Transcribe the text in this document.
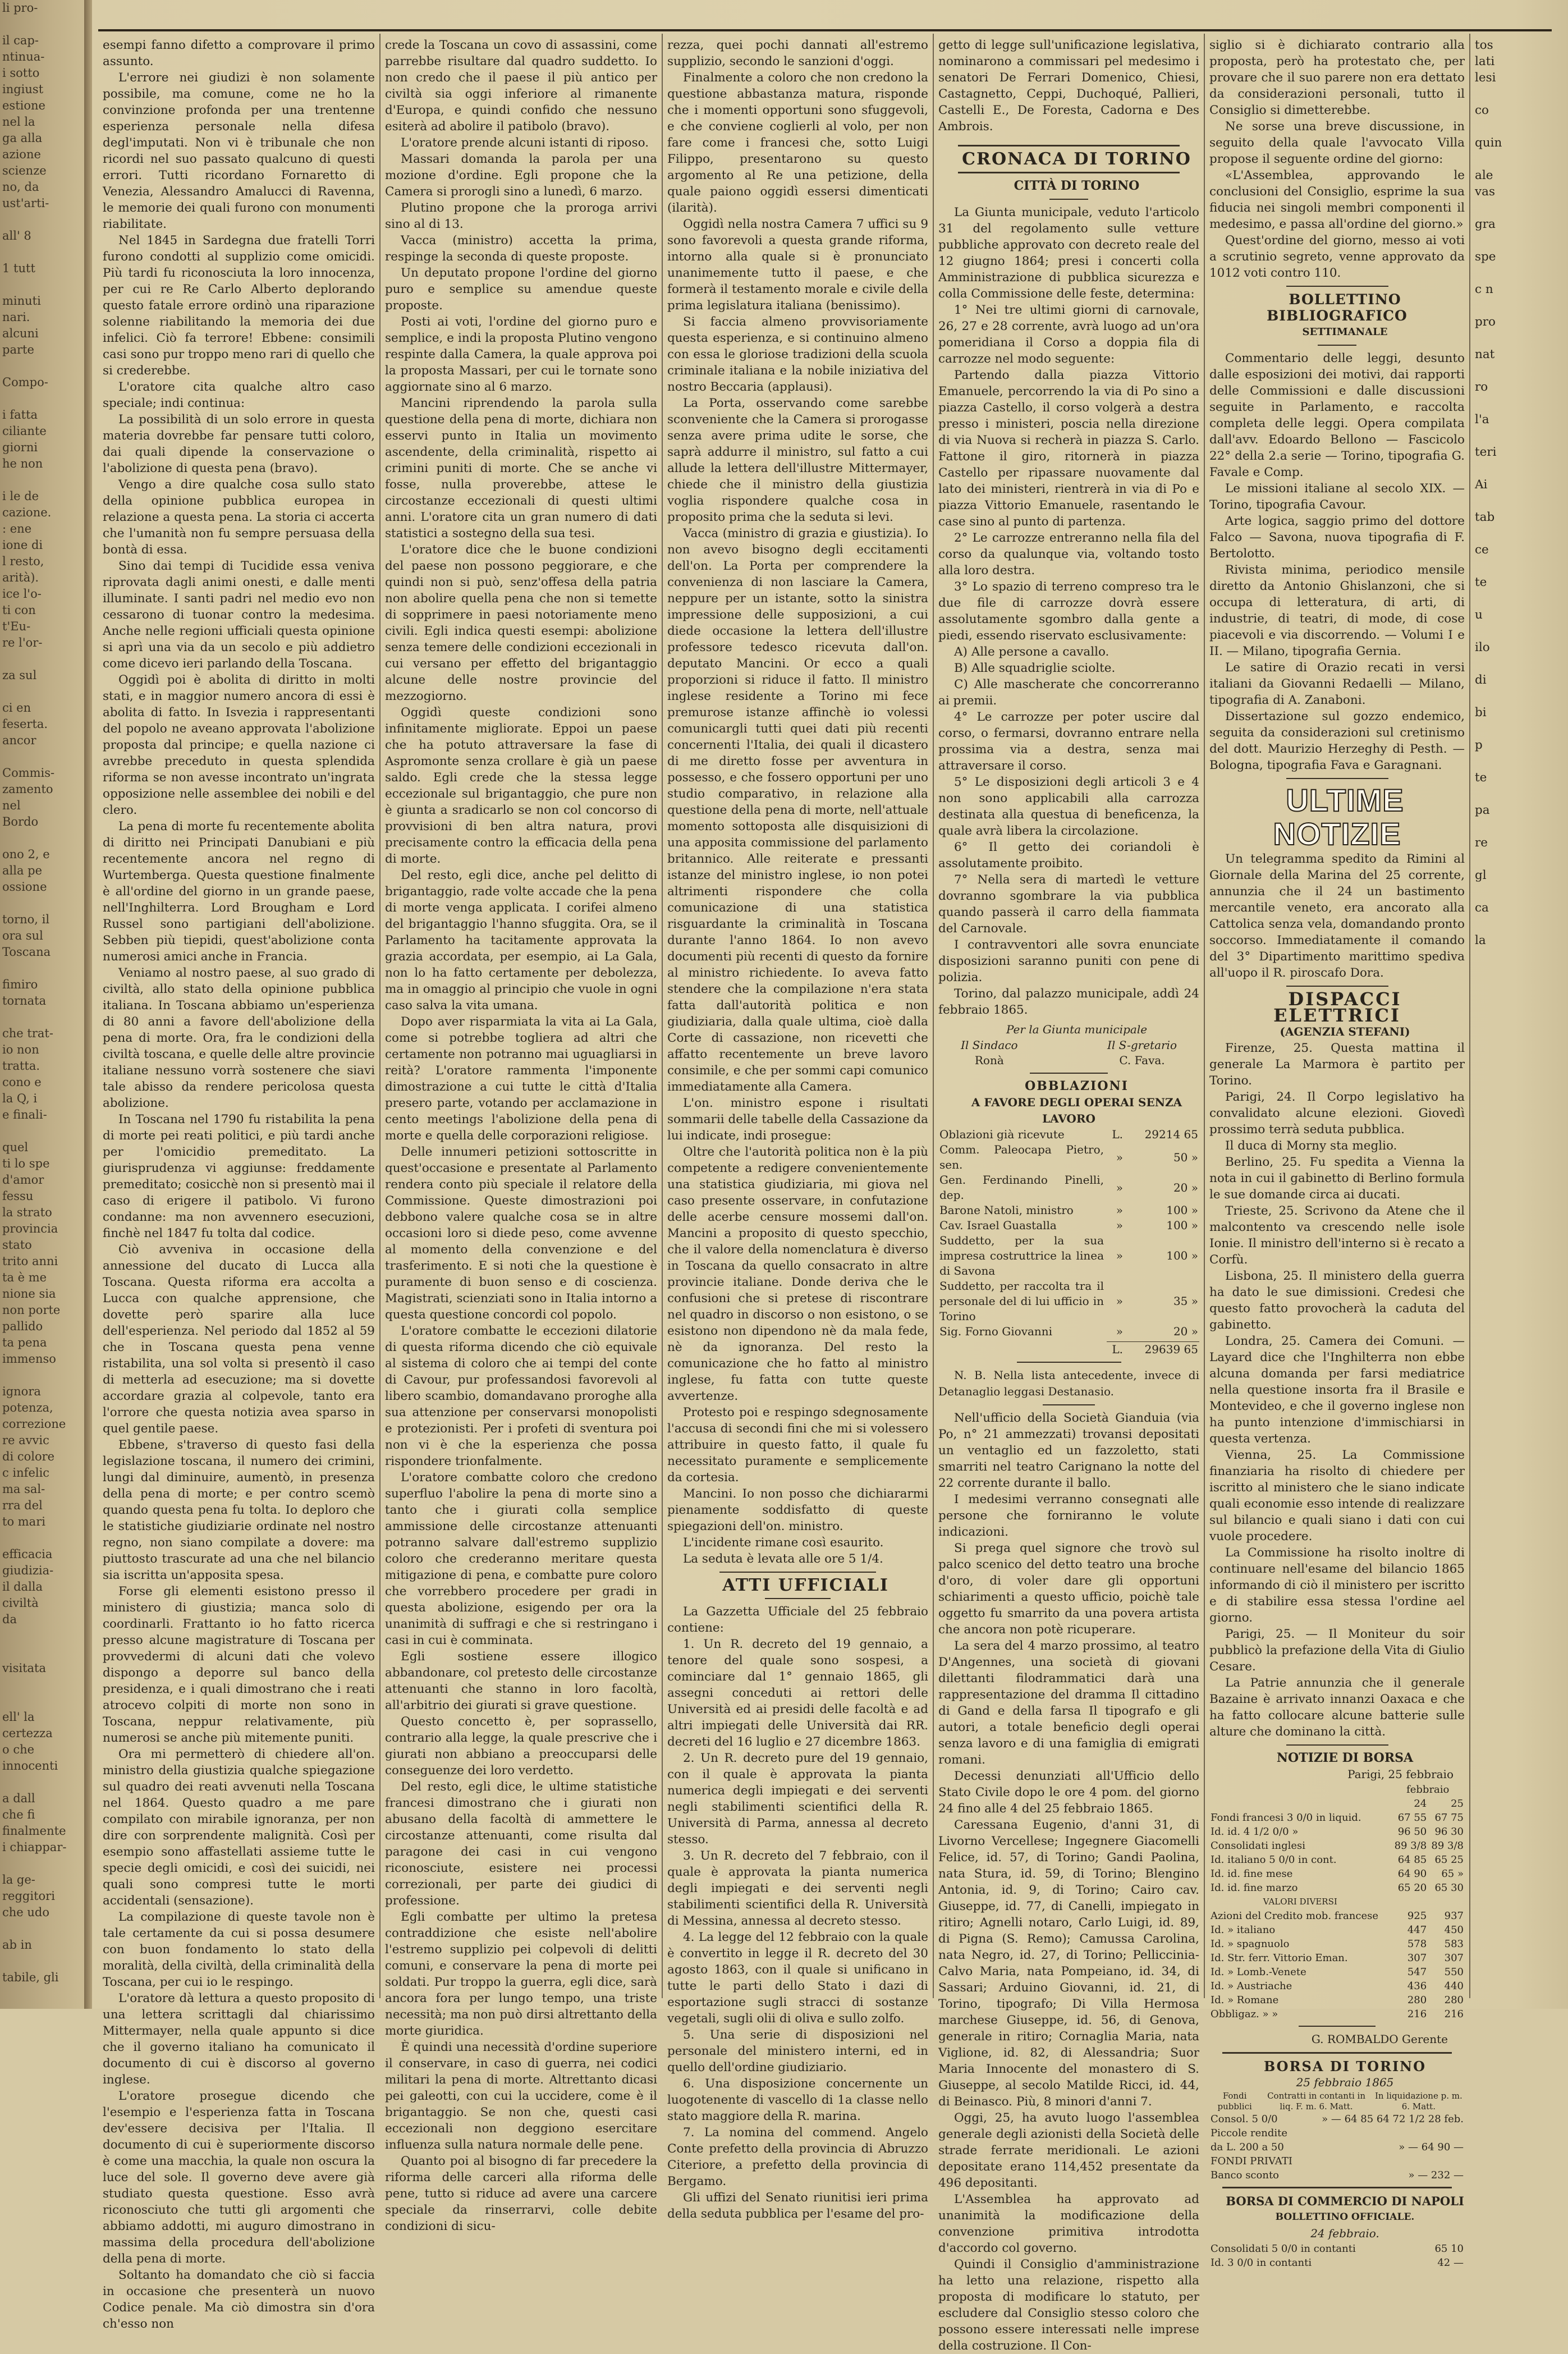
li pro-

il cap-

ntinua-

i sotto

ingiust

estione

nel la

ga alla

azione

scienze

no, da

ust'arti-

all' 8

1 tutt

minuti

nari.

alcuni

parte

Compo-

i fatta

ciliante

giorni

he non

i le de

cazione.

: ene

ione di

l resto,

arità).

ice l'o-

ti con

t'Eu-

re l'or-

za sul

ci en

feserta.

ancor

Commis-

zamento

nel

Bordo

ono 2, e

alla pe

ossione

torno, il

ora sul

Toscana

fimiro

tornata

che trat-

io non

tratta.

cono e

la Q, i

e finali-

quel

ti lo spe

d'amor

fessu

la strato

provincia

stato

trito anni

ta è me

nione sia

non porte

pallido

ta pena

immenso

ignora

potenza,

correzione

re avvic

di colore

c infelic

ma sal-

rra del

to mari

efficacia

giudizia-

il dalla

civiltà

da

visitata

ell' la

certezza

o che

innocenti

a dall

che fi

finalmente

i chiappar-

la ge-

reggitori

che udo

ab in

tabile, gli

esempi fanno difetto a comprovare il primo assunto.

L'errore nei giudizi è non solamente possibile, ma comune, come ne ho la convinzione profonda per una trentenne esperienza personale nella difesa degl'imputati. Non vi è tribunale che non ricordi nel suo passato qualcuno di questi errori. Tutti ricordano Fornaretto di Venezia, Alessandro Amalucci di Ravenna, le memorie dei quali furono con monumenti riabilitate.

Nel 1845 in Sardegna due fratelli Torri furono condotti al supplizio come omicidi. Più tardi fu riconosciuta la loro innocenza, per cui re Re Carlo Alberto deplorando questo fatale errore ordinò una riparazione solenne riabilitando la memoria dei due infelici. Ciò fa terrore! Ebbene: consimili casi sono pur troppo meno rari di quello che si crederebbe.

L'oratore cita qualche altro caso speciale; indi continua:

La possibilità di un solo errore in questa materia dovrebbe far pensare tutti coloro, dai quali dipende la conservazione o l'abolizione di questa pena (bravo).

Vengo a dire qualche cosa sullo stato della opinione pubblica europea in relazione a questa pena. La storia ci accerta che l'umanità non fu sempre persuasa della bontà di essa.

Sino dai tempi di Tucidide essa veniva riprovata dagli animi onesti, e dalle menti illuminate. I santi padri nel medio evo non cessarono di tuonar contro la medesima. Anche nelle regioni ufficiali questa opinione si aprì una via da un secolo e più addietro come dicevo ieri parlando della Toscana.

Oggidì poi è abolita di diritto in molti stati, e in maggior numero ancora di essi è abolita di fatto. In Isvezia i rappresentanti del popolo ne aveano approvata l'abolizione proposta dal principe; e quella nazione ci avrebbe preceduto in questa splendida riforma se non avesse incontrato un'ingrata opposizione nelle assemblee dei nobili e del clero.

La pena di morte fu recentemente abolita di diritto nei Principati Danubiani e più recentemente ancora nel regno di Wurtemberga. Questa questione finalmente è all'ordine del giorno in un grande paese, nell'Inghilterra. Lord Brougham e Lord Russel sono partigiani dell'abolizione. Sebben più tiepidi, quest'abolizione conta numerosi amici anche in Francia.

Veniamo al nostro paese, al suo grado di civiltà, allo stato della opinione pubblica italiana. In Toscana abbiamo un'esperienza di 80 anni a favore dell'abolizione della pena di morte. Ora, fra le condizioni della civiltà toscana, e quelle delle altre provincie italiane nessuno vorrà sostenere che siavi tale abisso da rendere pericolosa questa abolizione.

In Toscana nel 1790 fu ristabilita la pena di morte pei reati politici, e più tardi anche per l'omicidio premeditato. La giurisprudenza vi aggiunse: freddamente premeditato; cosicchè non si presentò mai il caso di erigere il patibolo. Vi furono condanne: ma non avvennero esecuzioni, finchè nel 1847 fu tolta dal codice.

Ciò avveniva in occasione della annessione del ducato di Lucca alla Toscana. Questa riforma era accolta a Lucca con qualche apprensione, che dovette però sparire alla luce dell'esperienza. Nel periodo dal 1852 al 59 che in Toscana questa pena venne ristabilita, una sol volta si presentò il caso di metterla ad esecuzione; ma si dovette accordare grazia al colpevole, tanto era l'orrore che questa notizia avea sparso in quel gentile paese.

Ebbene, s'traverso di questo fasi della legislazione toscana, il numero dei crimini, lungi dal diminuire, aumentò, in presenza della pena di morte; e per contro scemò quando questa pena fu tolta. Io deploro che le statistiche giudiziarie ordinate nel nostro regno, non siano compilate a dovere: ma piuttosto trascurate ad una che nel bilancio sia iscritta un'apposita spesa.

Forse gli elementi esistono presso il ministero di giustizia; manca solo di coordinarli. Frattanto io ho fatto ricerca presso alcune magistrature di Toscana per provvedermi di alcuni dati che volevo dispongo a deporre sul banco della presidenza, e i quali dimostrano che i reati atrocevo colpiti di morte non sono in Toscana, neppur relativamente, più numerosi se anche più mitemente puniti.

Ora mi permetterò di chiedere all'on. ministro della giustizia qualche spiegazione sul quadro dei reati avvenuti nella Toscana nel 1864. Questo quadro a me pare compilato con mirabile ignoranza, per non dire con sorprendente malignità. Così per esempio sono affastellati assieme tutte le specie degli omicidi, e così dei suicidi, nei quali sono compresi tutte le morti accidentali (sensazione).

La compilazione di queste tavole non è tale certamente da cui si possa desumere con buon fondamento lo stato della moralità, della civiltà, della criminalità della Toscana, per cui io le respingo.

L'oratore dà lettura a questo proposito di una lettera scrittagli dal chiarissimo Mittermayer, nella quale appunto si dice che il governo italiano ha comunicato il documento di cui è discorso al governo inglese.

L'oratore prosegue dicendo che l'esempio e l'esperienza fatta in Toscana dev'essere decisiva per l'Italia. Il documento di cui è superiormente discorso è come una macchia, la quale non oscura la luce del sole. Il governo deve avere già studiato questa questione. Esso avrà riconosciuto che tutti gli argomenti che abbiamo addotti, mi auguro dimostrano in massima della procedura dell'abolizione della pena di morte.

Soltanto ha domandato che ciò si faccia in occasione che presenterà un nuovo Codice penale. Ma ciò dimostra sin d'ora ch'esso non

crede la Toscana un covo di assassini, come parrebbe risultare dal quadro suddetto. Io non credo che il paese il più antico per civiltà sia oggi inferiore al rimanente d'Europa, e quindi confido che nessuno esiterà ad abolire il patibolo (bravo).

L'oratore prende alcuni istanti di riposo.

Massari domanda la parola per una mozione d'ordine. Egli propone che la Camera si prorogli sino a lunedì, 6 marzo.

Plutino propone che la proroga arrivi sino al di 13.

Vacca (ministro) accetta la prima, respinge la seconda di queste proposte.

Un deputato propone l'ordine del giorno puro e semplice su amendue queste proposte.

Posti ai voti, l'ordine del giorno puro e semplice, e indi la proposta Plutino vengono respinte dalla Camera, la quale approva poi la proposta Massari, per cui le tornate sono aggiornate sino al 6 marzo.

Mancini riprendendo la parola sulla questione della pena di morte, dichiara non esservi punto in Italia un movimento ascendente, della criminalità, rispetto ai crimini puniti di morte. Che se anche vi fosse, nulla proverebbe, attese le circostanze eccezionali di questi ultimi anni. L'oratore cita un gran numero di dati statistici a sostegno della sua tesi.

L'oratore dice che le buone condizioni del paese non possono peggiorare, e che quindi non si può, senz'offesa della patria non abolire quella pena che non si temette di sopprimere in paesi notoriamente meno civili. Egli indica questi esempi: abolizione senza temere delle condizioni eccezionali in cui versano per effetto del brigantaggio alcune delle nostre provincie del mezzogiorno.

Oggidì queste condizioni sono infinitamente migliorate. Eppoi un paese che ha potuto attraversare la fase di Aspromonte senza crollare è già un paese saldo. Egli crede che la stessa legge eccezionale sul brigantaggio, che pure non è giunta a sradicarlo se non col concorso di provvisioni di ben altra natura, provi precisamente contro la efficacia della pena di morte.

Del resto, egli dice, anche pel delitto di brigantaggio, rade volte accade che la pena di morte venga applicata. I corifei almeno del brigantaggio l'hanno sfuggita. Ora, se il Parlamento ha tacitamente approvata la grazia accordata, per esempio, ai La Gala, non lo ha fatto certamente per debolezza, ma in omaggio al principio che vuole in ogni caso salva la vita umana.

Dopo aver risparmiata la vita ai La Gala, come si potrebbe togliera ad altri che certamente non potranno mai uguagliarsi in reità? L'oratore rammenta l'imponente dimostrazione a cui tutte le città d'Italia presero parte, votando per acclamazione in cento meetings l'abolizione della pena di morte e quella delle corporazioni religiose.

Delle innumeri petizioni sottoscritte in quest'occasione e presentate al Parlamento rendera conto più speciale il relatore della Commissione. Queste dimostrazioni poi debbono valere qualche cosa se in altre occasioni loro si diede peso, come avvenne al momento della convenzione e del trasferimento. E si noti che la questione è puramente di buon senso e di coscienza. Magistrati, scienziati sono in Italia intorno a questa questione concordi col popolo.

L'oratore combatte le eccezioni dilatorie di questa riforma dicendo che ciò equivale al sistema di coloro che ai tempi del conte di Cavour, pur professandosi favorevoli al libero scambio, domandavano proroghe alla sua attenzione per conservarsi monopolisti e protezionisti. Per i profeti di sventura poi non vi è che la esperienza che possa rispondere trionfalmente.

L'oratore combatte coloro che credono superfluo l'abolire la pena di morte sino a tanto che i giurati colla semplice ammissione delle circostanze attenuanti potranno salvare dall'estremo supplizio coloro che crederanno meritare questa mitigazione di pena, e combatte pure coloro che vorrebbero procedere per gradi in questa abolizione, esigendo per ora la unanimità di suffragi e che si restringano i casi in cui è comminata.

Egli sostiene essere illogico abbandonare, col pretesto delle circostanze attenuanti che stanno in loro facoltà, all'arbitrio dei giurati si grave questione.

Questo concetto è, per soprassello, contrario alla legge, la quale prescrive che i giurati non abbiano a preoccuparsi delle conseguenze dei loro verdetto.

Del resto, egli dice, le ultime statistiche francesi dimostrano che i giurati non abusano della facoltà di ammettere le circostanze attenuanti, come risulta dal paragone dei casi in cui vengono riconosciute, esistere nei processi correzionali, per parte dei giudici di professione.

Egli combatte per ultimo la pretesa contraddizione che esiste nell'abolire l'estremo supplizio pei colpevoli di delitti comuni, e conservare la pena di morte pei soldati. Pur troppo la guerra, egli dice, sarà ancora fora per lungo tempo, una triste necessità; ma non può dirsi altrettanto della morte giuridica.

È quindi una necessità d'ordine superiore il conservare, in caso di guerra, nei codici militari la pena di morte. Altrettanto dicasi pei galeotti, con cui la uccidere, come è il brigantaggio. Se non che, questi casi eccezionali non deggiono esercitare influenza sulla natura normale delle pene.

Quanto poi al bisogno di far precedere la riforma delle carceri alla riforma delle pene, tutto si riduce ad avere una carcere speciale da rinserrarvi, colle debite condizioni di sicu-

rezza, quei pochi dannati all'estremo supplizio, secondo le sanzioni d'oggi.

Finalmente a coloro che non credono la questione abbastanza matura, risponde che i momenti opportuni sono sfuggevoli, e che conviene coglierli al volo, per non fare come i francesi che, sotto Luigi Filippo, presentarono su questo argomento al Re una petizione, della quale paiono oggidì essersi dimenticati (ilarità).

Oggidì nella nostra Camera 7 uffici su 9 sono favorevoli a questa grande riforma, intorno alla quale si è pronunciato unanimemente tutto il paese, e che formerà il testamento morale e civile della prima legislatura italiana (benissimo).

Si faccia almeno provvisoriamente questa esperienza, e si continuino almeno con essa le gloriose tradizioni della scuola criminale italiana e la nobile iniziativa del nostro Beccaria (applausi).

La Porta, osservando come sarebbe sconveniente che la Camera si prorogasse senza avere prima udite le sorse, che saprà addurre il ministro, sul fatto a cui allude la lettera dell'illustre Mittermayer, chiede che il ministro della giustizia voglia rispondere qualche cosa in proposito prima che la seduta si levi.

Vacca (ministro di grazia e giustizia). Io non avevo bisogno degli eccitamenti dell'on. La Porta per comprendere la convenienza di non lasciare la Camera, neppure per un istante, sotto la sinistra impressione delle supposizioni, a cui diede occasione la lettera dell'illustre professore tedesco ricevuta dall'on. deputato Mancini. Or ecco a quali proporzioni si riduce il fatto. Il ministro inglese residente a Torino mi fece premurose istanze affinchè io volessi comunicargli tutti quei dati più recenti concernenti l'Italia, dei quali il dicastero di me diretto fosse per avventura in possesso, e che fossero opportuni per uno studio comparativo, in relazione alla questione della pena di morte, nell'attuale momento sottoposta alle disquisizioni di una apposita commissione del parlamento britannico. Alle reiterate e pressanti istanze del ministro inglese, io non potei altrimenti rispondere che colla comunicazione di una statistica risguardante la criminalità in Toscana durante l'anno 1864. Io non avevo documenti più recenti di questo da fornire al ministro richiedente. Io aveva fatto stendere che la compilazione n'era stata fatta dall'autorità politica e non giudiziaria, dalla quale ultima, cioè dalla Corte di cassazione, non ricevetti che affatto recentemente un breve lavoro consimile, e che per sommi capi comunico immediatamente alla Camera.

L'on. ministro espone i risultati sommarii delle tabelle della Cassazione da lui indicate, indi prosegue:

Oltre che l'autorità politica non è la più competente a redigere convenientemente una statistica giudiziaria, mi giova nel caso presente osservare, in confutazione delle acerbe censure mossemi dall'on. Mancini a proposito di questo specchio, che il valore della nomenclatura è diverso in Toscana da quello consacrato in altre provincie italiane. Donde deriva che le confusioni che si pretese di riscontrare nel quadro in discorso o non esistono, o se esistono non dipendono nè da mala fede, nè da ignoranza. Del resto la comunicazione che ho fatto al ministro inglese, fu fatta con tutte queste avvertenze.

Protesto poi e respingo sdegnosamente l'accusa di secondi fini che mi si volessero attribuire in questo fatto, il quale fu necessitato puramente e semplicemente da cortesia.

Mancini. Io non posso che dichiararmi pienamente soddisfatto di queste spiegazioni dell'on. ministro.

L'incidente rimane così esaurito.

La seduta è levata alle ore 5 1/4.

ATTI UFFICIALI

La Gazzetta Ufficiale del 25 febbraio contiene:

1. Un R. decreto del 19 gennaio, a tenore del quale sono sospesi, a cominciare dal 1° gennaio 1865, gli assegni conceduti ai rettori delle Università ed ai presidi delle facoltà e ad altri impiegati delle Università dai RR. decreti del 16 luglio e 27 dicembre 1863.

2. Un R. decreto pure del 19 gennaio, con il quale è approvata la pianta numerica degli impiegati e dei serventi negli stabilimenti scientifici della R. Università di Parma, annessa al decreto stesso.

3. Un R. decreto del 7 febbraio, con il quale è approvata la pianta numerica degli impiegati e dei serventi negli stabilimenti scientifici della R. Università di Messina, annessa al decreto stesso.

4. La legge del 12 febbraio con la quale è convertito in legge il R. decreto del 30 agosto 1863, con il quale si unificano in tutte le parti dello Stato i dazi di esportazione sugli stracci di sostanze vegetali, sugli olii di oliva e sullo zolfo.

5. Una serie di disposizioni nel personale del ministero interni, ed in quello dell'ordine giudiziario.

6. Una disposizione concernente un luogotenente di vascello di 1a classe nello stato maggiore della R. marina.

7. La nomina del commend. Angelo Conte prefetto della provincia di Abruzzo Citeriore, a prefetto della provincia di Bergamo.

Gli uffizi del Senato riunitisi ieri prima della seduta pubblica per l'esame del pro-

getto di legge sull'unificazione legislativa, nominarono a commissari pel medesimo i senatori De Ferrari Domenico, Chiesi, Castagnetto, Ceppi, Duchoqué, Pallieri, Castelli E., De Foresta, Cadorna e Des Ambrois.

CRONACA DI TORINO

CITTÀ DI TORINO

La Giunta municipale, veduto l'articolo 31 del regolamento sulle vetture pubbliche approvato con decreto reale del 12 giugno 1864; presi i concerti colla Amministrazione di pubblica sicurezza e colla Commissione delle feste, determina:

1° Nei tre ultimi giorni di carnovale, 26, 27 e 28 corrente, avrà luogo ad un'ora pomeridiana il Corso a doppia fila di carrozze nel modo seguente:

Partendo dalla piazza Vittorio Emanuele, percorrendo la via di Po sino a piazza Castello, il corso volgerà a destra presso i ministeri, poscia nella direzione di via Nuova si recherà in piazza S. Carlo. Fattone il giro, ritornerà in piazza Castello per ripassare nuovamente dal lato dei ministeri, rientrerà in via di Po e piazza Vittorio Emanuele, rasentando le case sino al punto di partenza.

2° Le carrozze entreranno nella fila del corso da qualunque via, voltando tosto alla loro destra.

3° Lo spazio di terreno compreso tra le due file di carrozze dovrà essere assolutamente sgombro dalla gente a piedi, essendo riservato esclusivamente:

A) Alle persone a cavallo.

B) Alle squadriglie sciolte.

C) Alle mascherate che concorreranno ai premii.

4° Le carrozze per poter uscire dal corso, o fermarsi, dovranno entrare nella prossima via a destra, senza mai attraversare il corso.

5° Le disposizioni degli articoli 3 e 4 non sono applicabili alla carrozza destinata alla questua di beneficenza, la quale avrà libera la circolazione.

6° Il getto dei coriandoli è assolutamente proibito.

7° Nella sera di martedì le vetture dovranno sgombrare la via pubblica quando passerà il carro della fiammata del Carnovale.

I contravventori alle sovra enunciate disposizioni saranno puniti con pene di polizia.

Torino, dal palazzo municipale, addì 24 febbraio 1865.

Per la Giunta municipale

Il Sindaco
Ronà
Il S-gretario
C. Fava.

OBBLAZIONI

A FAVORE DEGLI OPERAI SENZA LAVORO

Oblazioni già ricevute	L.	29214 65
Comm. Paleocapa Pietro, sen.	»	50 »
Gen. Ferdinando Pinelli, dep.	»	20 »
Barone Natoli, ministro	»	100 »
Cav. Israel Guastalla	»	100 »
Suddetto, per la sua impresa costruttrice la linea di Savona	»	100 »
Suddetto, per raccolta tra il personale del di lui ufficio in Torino	»	35 »
Sig. Forno Giovanni	»	20 »
	L.	29639 65

N. B. Nella lista antecedente, invece di Detanaglio leggasi Destanasio.

Nell'ufficio della Società Gianduia (via Po, n° 21 ammezzati) trovansi depositati un ventaglio ed un fazzoletto, stati smarriti nel teatro Carignano la notte del 22 corrente durante il ballo.

I medesimi verranno consegnati alle persone che forniranno le volute indicazioni.

Si prega quel signore che trovò sul palco scenico del detto teatro una broche d'oro, di voler dare gli opportuni schiarimenti a questo ufficio, poichè tale oggetto fu smarrito da una povera artista che ancora non potè ricuperare.

La sera del 4 marzo prossimo, al teatro D'Angennes, una società di giovani dilettanti filodrammatici darà una rappresentazione del dramma Il cittadino di Gand e della farsa Il tipografo e gli autori, a totale beneficio degli operai senza lavoro e di una famiglia di emigrati romani.

Decessi denunziati all'Ufficio dello Stato Civile dopo le ore 4 pom. del giorno 24 fino alle 4 del 25 febbraio 1865.

Caressana Eugenio, d'anni 31, di Livorno Vercellese; Ingegnere Giacomelli Felice, id. 57, di Torino; Gandi Paolina, nata Stura, id. 59, di Torino; Blengino Antonia, id. 9, di Torino; Cairo cav. Giuseppe, id. 77, di Canelli, impiegato in ritiro; Agnelli notaro, Carlo Luigi, id. 89, di Pigna (S. Remo); Camussa Carolina, nata Negro, id. 27, di Torino; Pelliccinia-Calvo Maria, nata Pompeiano, id. 34, di Sassari; Arduino Giovanni, id. 21, di Torino, tipografo; Di Villa Hermosa marchese Giuseppe, id. 56, di Genova, generale in ritiro; Cornaglia Maria, nata Viglione, id. 82, di Alessandria; Suor Maria Innocente del monastero di S. Giuseppe, al secolo Matilde Ricci, id. 44, di Beinasco. Più, 8 minori d'anni 7.

Oggi, 25, ha avuto luogo l'assemblea generale degli azionisti della Società delle strade ferrate meridionali. Le azioni depositate erano 114,452 presentate da 496 depositanti.

L'Assemblea ha approvato ad unanimità la modificazione della convenzione primitiva introdotta d'accordo col governo.

Quindi il Consiglio d'amministrazione ha letto una relazione, rispetto alla proposta di modificare lo statuto, per escludere dal Consiglio stesso coloro che possono essere interessati nelle imprese della costruzione. Il Con-

siglio si è dichiarato contrario alla proposta, però ha protestato che, per provare che il suo parere non era dettato da considerazioni personali, tutto il Consiglio si dimetterebbe.

Ne sorse una breve discussione, in seguito della quale l'avvocato Villa propose il seguente ordine del giorno:

«L'Assemblea, approvando le conclusioni del Consiglio, esprime la sua fiducia nei singoli membri componenti il medesimo, e passa all'ordine del giorno.»

Quest'ordine del giorno, messo ai voti a scrutinio segreto, venne approvato da 1012 voti contro 110.

BOLLETTINO BIBLIOGRAFICO

SETTIMANALE

Commentario delle leggi, desunto dalle esposizioni dei motivi, dai rapporti delle Commissioni e dalle discussioni seguite in Parlamento, e raccolta completa delle leggi. Opera compilata dall'avv. Edoardo Bellono — Fascicolo 22° della 2.a serie — Torino, tipografia G. Favale e Comp.

Le missioni italiane al secolo XIX. — Torino, tipografia Cavour.

Arte logica, saggio primo del dottore Falco — Savona, nuova tipografia di F. Bertolotto.

Rivista minima, periodico mensile diretto da Antonio Ghislanzoni, che si occupa di letteratura, di arti, di industrie, di teatri, di mode, di cose piacevoli e via discorrendo. — Volumi I e II. — Milano, tipografia Gernia.

Le satire di Orazio recati in versi italiani da Giovanni Redaelli — Milano, tipografia di A. Zanaboni.

Dissertazione sul gozzo endemico, seguita da considerazioni sul cretinismo del dott. Maurizio Herzeghy di Pesth. — Bologna, tipografia Fava e Garagnani.

ULTIME NOTIZIE

Un telegramma spedito da Rimini al Giornale della Marina del 25 corrente, annunzia che il 24 un bastimento mercantile veneto, era ancorato alla Cattolica senza vela, domandando pronto soccorso. Immediatamente il comando del 3° Dipartimento marittimo spediva all'uopo il R. piroscafo Dora.

DISPACCI ELETTRICI

(AGENZIA STEFANI)

Firenze, 25. Questa mattina il generale La Marmora è partito per Torino.

Parigi, 24. Il Corpo legislativo ha convalidato alcune elezioni. Giovedì prossimo terrà seduta pubblica.

Il duca di Morny sta meglio.

Berlino, 25. Fu spedita a Vienna la nota in cui il gabinetto di Berlino formula le sue domande circa ai ducati.

Trieste, 25. Scrivono da Atene che il malcontento va crescendo nelle isole Ionie. Il ministro dell'interno si è recato a Corfù.

Lisbona, 25. Il ministero della guerra ha dato le sue dimissioni. Credesi che questo fatto provocherà la caduta del gabinetto.

Londra, 25. Camera dei Comuni. — Layard dice che l'Inghilterra non ebbe alcuna domanda per farsi mediatrice nella questione insorta fra il Brasile e Montevideo, e che il governo inglese non ha punto intenzione d'immischiarsi in questa vertenza.

Vienna, 25. La Commissione finanziaria ha risolto di chiedere per iscritto al ministero che le siano indicate quali economie esso intende di realizzare sul bilancio e quali siano i dati con cui vuole procedere.

La Commissione ha risolto inoltre di continuare nell'esame del bilancio 1865 informando di ciò il ministero per iscritto e di stabilire essa stessa l'ordine ael giorno.

Parigi, 25. — Il Moniteur du soir pubblicò la prefazione della Vita di Giulio Cesare.

La Patrie annunzia che il generale Bazaine è arrivato innanzi Oaxaca e che ha fatto collocare alcune batterie sulle alture che dominano la città.

NOTIZIE DI BORSA

Parigi, 25 febbraio

	febbraio	
	24	25
Fondi francesi 3 0/0 in liquid.	67 55	67 75
Id. id. 4 1/2 0/0 »	96 50	96 30
Consolidati inglesi	89 3/8	89 3/8
Id. italiano 5 0/0 in cont.	64 85	65 25
Id. id. fine mese	64 90	65 »
Id. id. fine marzo	65 20	65 30
VALORI DIVERSI		
Azioni del Credito mob. francese	925	937
Id. » italiano	447	450
Id. » spagnuolo	578	583
Id. Str. ferr. Vittorio Eman.	307	307
Id. » Lomb.-Venete	547	550
Id. » Austriache	436	440
Id. » Romane	280	280
Obbligaz. » »	216	216

G. ROMBALDO Gerente

BORSA DI TORINO

25 febbraio 1865

Fondi pubblici	Contratti in contanti in liq. F. m. 6. Matt.	In liquidazione p. m. 6. Matt.
Consol. 5 0/0	» — 64 85 64 72 1/2 28 feb.
Piccole rendite	
da L. 200 a 50	» — 64 90 —
FONDI PRIVATI	
Banco sconto	» — 232 —

BORSA DI COMMERCIO DI NAPOLI

BOLLETTINO OFFICIALE.

24 febbraio.

Consolidati 5 0/0 in contanti	65 10
Id. 3 0/0 in contanti	42 —

tos

lati

lesi

co

quin

ale

vas

gra

spe

c n

pro

nat

ro

l'a

teri

Ai

tab

ce

te

u

ilo

di

bi

p

te

pa

re

gl

ca

la
